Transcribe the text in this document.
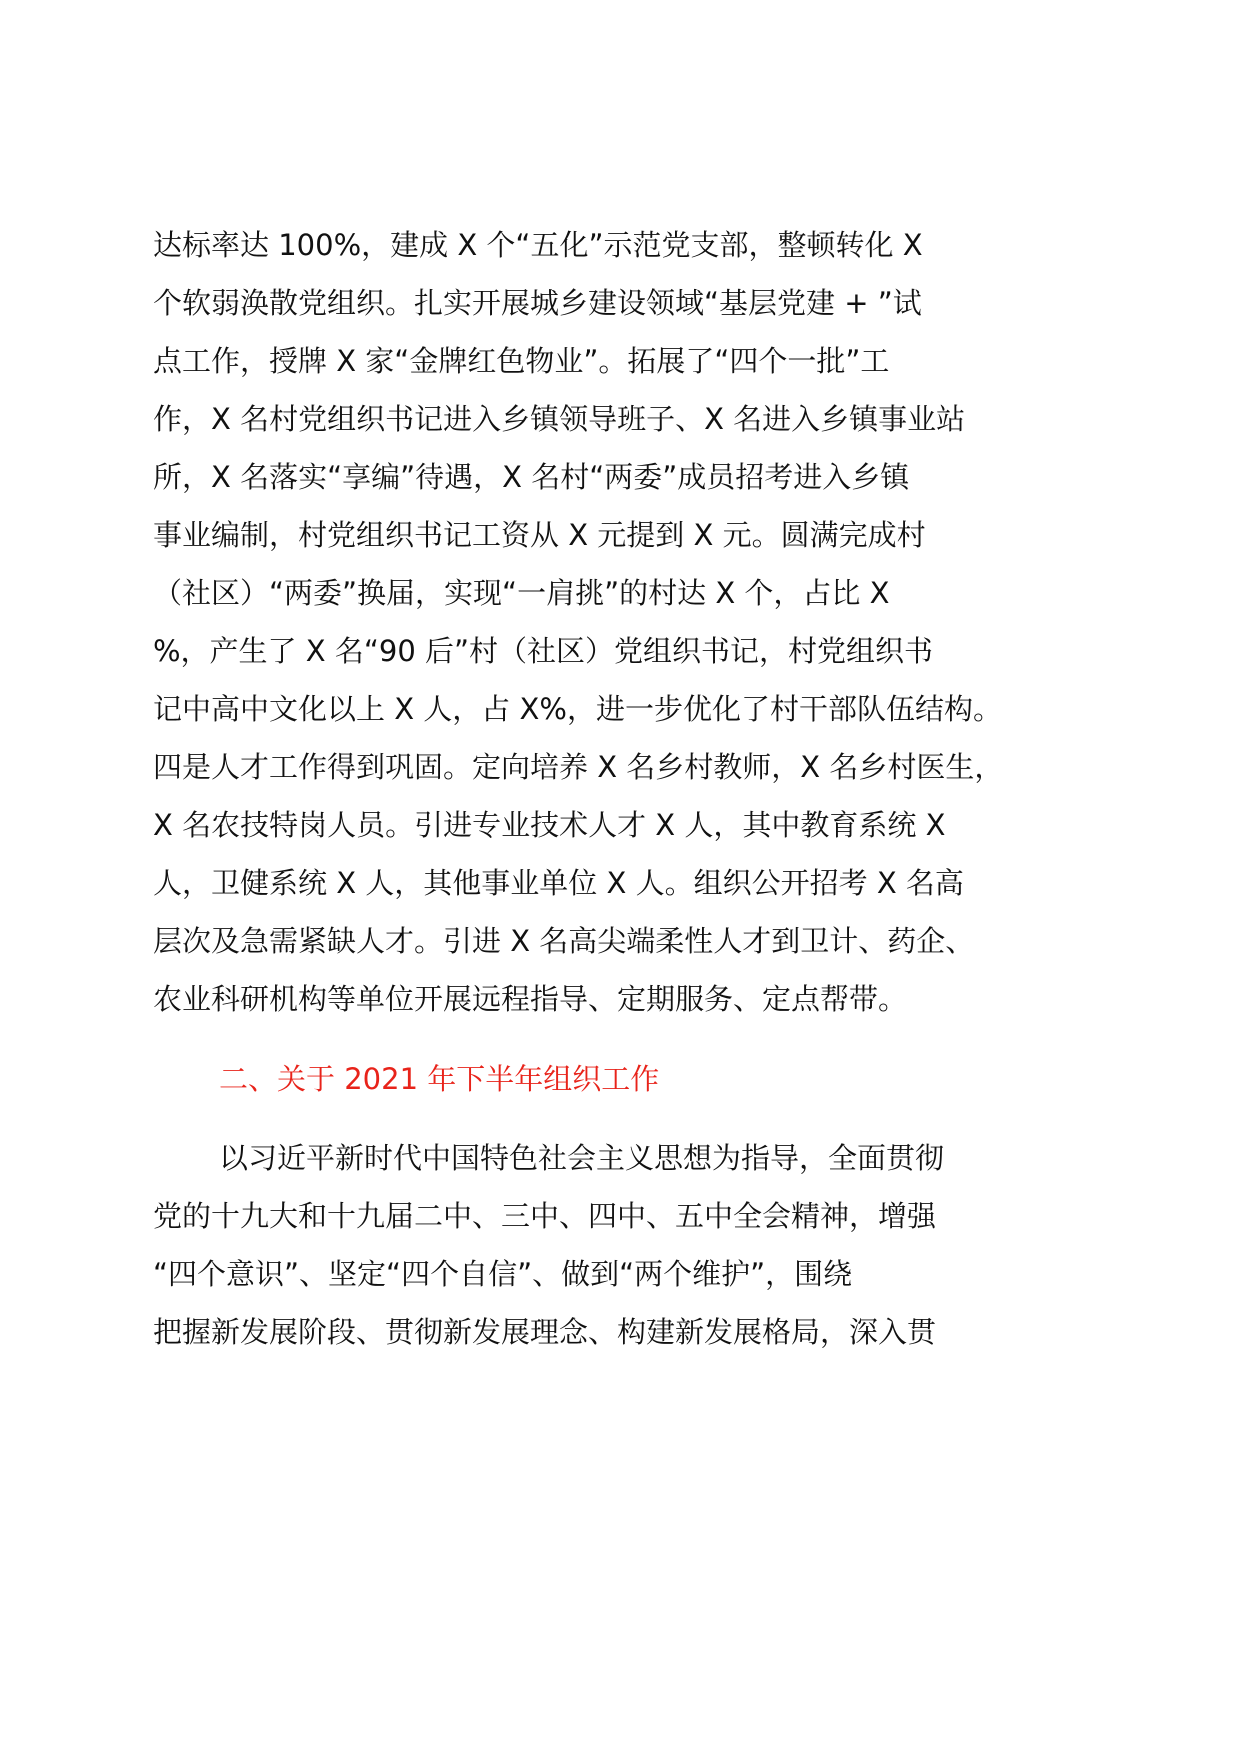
达标率达 100%，建成 X 个“五化”示范党支部，整顿转化 X
个软弱涣散党组织。扎实开展城乡建设领域“基层党建 + ”试
点工作，授牌 X 家“金牌红色物业”。拓展了“四个一批”工
作，X 名村党组织书记进入乡镇领导班子、X 名进入乡镇事业站
所，X 名落实“享编”待遇，X 名村“两委”成员招考进入乡镇
事业编制，村党组织书记工资从 X 元提到 X 元。圆满完成村
（社区）“两委”换届，实现“一肩挑”的村达 X 个，占比 X
%，产生了 X 名“90 后”村（社区）党组织书记，村党组织书
记中高中文化以上 X 人，占 X%，进一步优化了村干部队伍结构。
四是人才工作得到巩固。定向培养 X 名乡村教师，X 名乡村医生，
X 名农技特岗人员。引进专业技术人才 X 人，其中教育系统 X
人，卫健系统 X 人，其他事业单位 X 人。组织公开招考 X 名高
层次及急需紧缺人才。引进 X 名高尖端柔性人才到卫计、药企、
农业科研机构等单位开展远程指导、定期服务、定点帮带。
二、关于 2021 年下半年组织工作
以习近平新时代中国特色社会主义思想为指导，全面贯彻
党的十九大和十九届二中、三中、四中、五中全会精神，增强
“四个意识”、坚定“四个自信”、做到“两个维护”，围绕
把握新发展阶段、贯彻新发展理念、构建新发展格局，深入贯
